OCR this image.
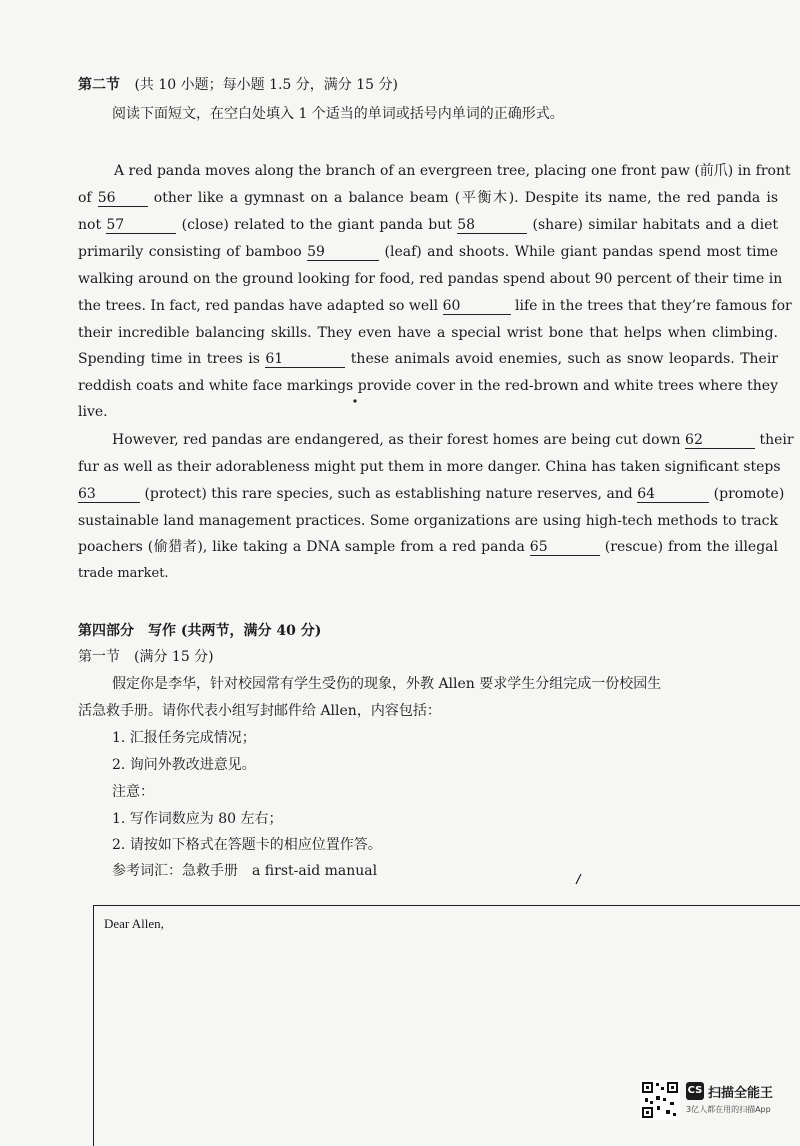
第二节 (共 10 小题；每小题 1.5 分，满分 15 分)
阅读下面短文，在空白处填入 1 个适当的单词或括号内单词的正确形式。
A red panda moves along the branch of an evergreen tree, placing one front paw (前爪) in front
of 56	other like a gymnast on a balance beam (平衡木). Despite its name, the red panda is
not 57	(close) related to the giant panda but 58	(share) similar habitats and a diet
primarily consisting of bamboo 59	(leaf) and shoots. While giant pandas spend most time
walking around on the ground looking for food, red pandas spend about 90 percent of their time in
the trees. In fact, red pandas have adapted so well 60	life in the trees that they’re famous for
their incredible balancing skills. They even have a special wrist bone that helps when climbing.
Spending time in trees is 61	these animals avoid enemies, such as snow leopards. Their
reddish coats and white face markings provide cover in the red-brown and white trees where they
live.
However, red pandas are endangered, as their forest homes are being cut down 62	their
fur as well as their adorableness might put them in more danger. China has taken significant steps
63	(protect) this rare species, such as establishing nature reserves, and 64	(promote)
sustainable land management practices. Some organizations are using high-tech methods to track
poachers (偷猎者), like taking a DNA sample from a red panda 65	(rescue) from the illegal
trade market.
第四部分　写作 (共两节，满分 40 分)
第一节　(满分 15 分)
假定你是李华，针对校园常有学生受伤的现象，外教 Allen 要求学生分组完成一份校园生
活急救手册。请你代表小组写封邮件给 Allen，内容包括：
1. 汇报任务完成情况；
2. 询问外教改进意见。
注意：
1. 写作词数应为 80 左右；
2. 请按如下格式在答题卡的相应位置作答。
参考词汇：急救手册　a first-aid manual
Dear Allen,
CS 扫描全能王
3亿人都在用的扫描App
